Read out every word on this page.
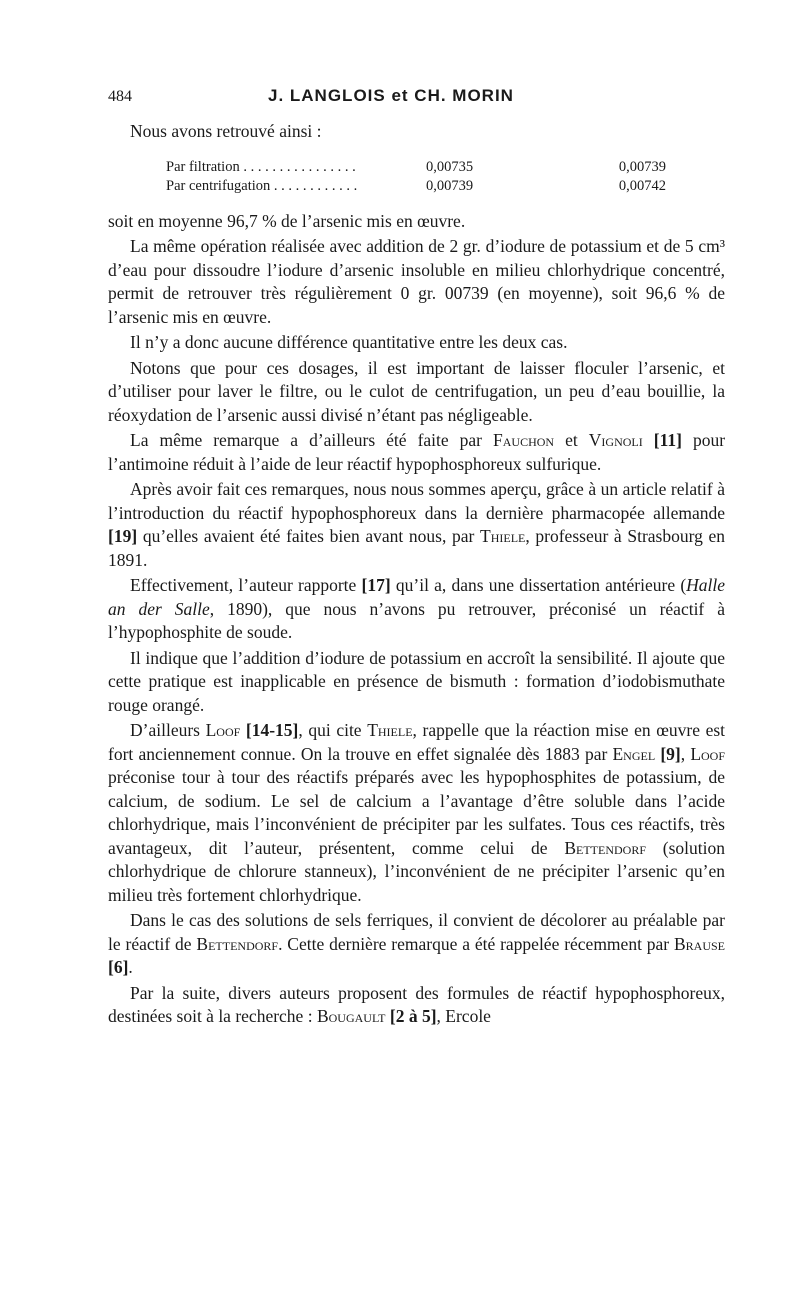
484	J. LANGLOIS et CH. MORIN

Nous avons retrouvé ainsi :

Par filtration . . . . . . . . . . . . . . . .	0,00735	0,00739
Par centrifugation . . . . . . . . . . . .	0,00739	0,00742

soit en moyenne 96,7 % de l’arsenic mis en œuvre.

La même opération réalisée avec addition de 2 gr. d’iodure de potassium et de 5 cm³ d’eau pour dissoudre l’iodure d’arsenic insoluble en milieu chlorhydrique concentré, permit de retrouver très régulièrement 0 gr. 00739 (en moyenne), soit 96,6 % de l’arsenic mis en œuvre.

Il n’y a donc aucune différence quantitative entre les deux cas.

Notons que pour ces dosages, il est important de laisser floculer l’arsenic, et d’utiliser pour laver le filtre, ou le culot de centrifugation, un peu d’eau bouillie, la réoxydation de l’arsenic aussi divisé n’étant pas négligeable.

La même remarque a d’ailleurs été faite par Fauchon et Vignoli [11] pour l’antimoine réduit à l’aide de leur réactif hypophosphoreux sulfurique.

Après avoir fait ces remarques, nous nous sommes aperçu, grâce à un article relatif à l’introduction du réactif hypophosphoreux dans la dernière pharmacopée allemande [19] qu’elles avaient été faites bien avant nous, par Thiele, professeur à Strasbourg en 1891.

Effectivement, l’auteur rapporte [17] qu’il a, dans une dissertation antérieure (Halle an der Salle, 1890), que nous n’avons pu retrouver, préconisé un réactif à l’hypophosphite de soude.

Il indique que l’addition d’iodure de potassium en accroît la sensibilité. Il ajoute que cette pratique est inapplicable en présence de bismuth : formation d’iodobismuthate rouge orangé.

D’ailleurs Loof [14-15], qui cite Thiele, rappelle que la réaction mise en œuvre est fort anciennement connue. On la trouve en effet signalée dès 1883 par Engel [9], Loof préconise tour à tour des réactifs préparés avec les hypophosphites de potassium, de calcium, de sodium. Le sel de calcium a l’avantage d’être soluble dans l’acide chlorhydrique, mais l’inconvénient de précipiter par les sulfates. Tous ces réactifs, très avantageux, dit l’auteur, présentent, comme celui de Bettendorf (solution chlorhydrique de chlorure stanneux), l’inconvénient de ne précipiter l’arsenic qu’en milieu très fortement chlorhydrique.

Dans le cas des solutions de sels ferriques, il convient de décolorer au préalable par le réactif de Bettendorf. Cette dernière remarque a été rappelée récemment par Brause [6].

Par la suite, divers auteurs proposent des formules de réactif hypophosphoreux, destinées soit à la recherche : Bougault [2 à 5], Ercole
